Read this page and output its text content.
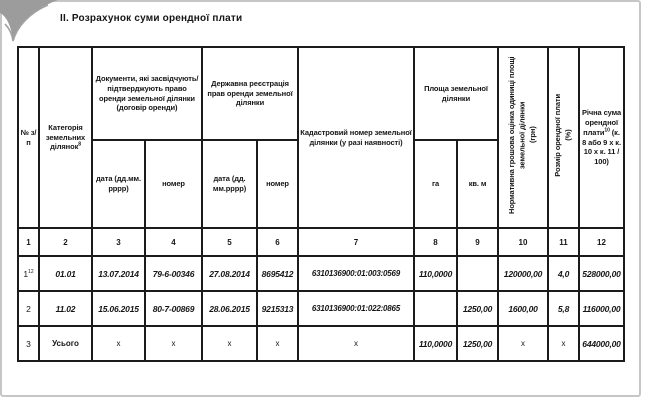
ІІ. Розрахунок суми орендної плати
№ з/п	Категорія земельних ділянок$^8$	Документи, які засвідчують/ підтверджують право оренди земельної ділянки (договір оренди)		Державна реєстрація прав оренди земельної ділянки		Кадастровий номер земельної ділянки (у разі наявності)	Площа земельної ділянки		Нормативна грошова оцінка одиниці площі земельної ділянки (грн)	Розмір орендної плати (%)	Річна сума орендної плати$^{10}$ (к. 8 або 9 х к. 10 х к. 11 / 100)
		дата (дд.мм. рррр)	номер	дата (дд. мм.рррр)	номер		га	кв. м			
1	2	3	4	5	6	7	8	9	10	11	12
$1^{12}$	01.01	13.07.2014	79-6-00346	27.08.2014	8695412	6310136900:01:003:0569	110,0000		120000,00	4,0	528000,00
2	11.02	15.06.2015	80-7-00869	28.06.2015	9215313	6310136900:01:022:0865		1250,00	1600,00	5,8	116000,00
3	Усього	х	х	х	х	х	110,0000	1250,00	х	х	644000,00
